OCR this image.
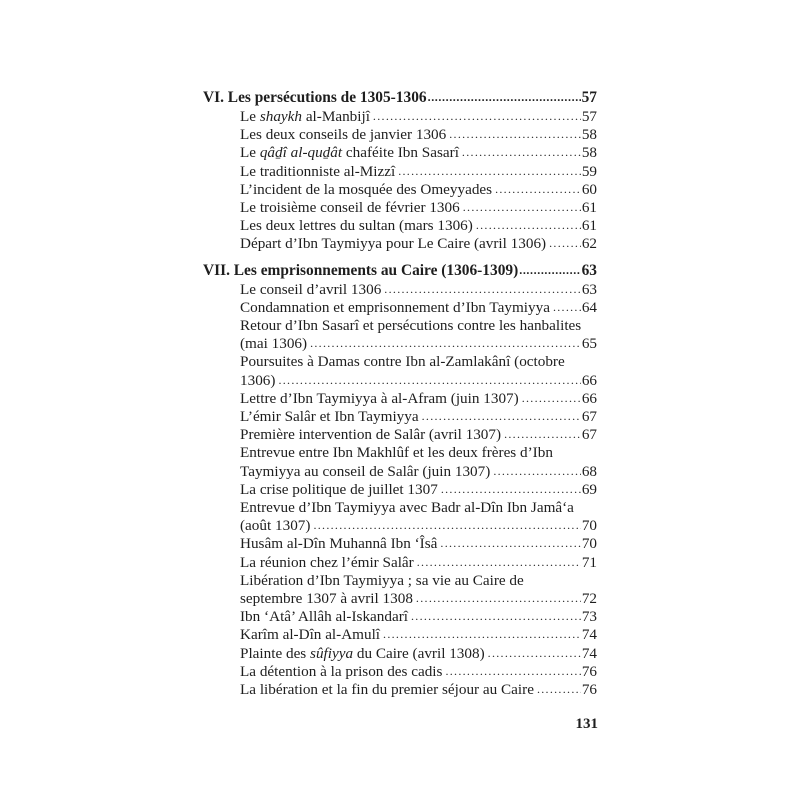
VI. Les persécutions de 1305-1306 .....	57
Le shaykh al-Manbijî .....	57
Les deux conseils de janvier 1306 .....	58
Le qâḏî al-quḏât chaféite Ibn Sasarî .....	58
Le traditionniste al-Mizzî .....	59
L’incident de la mosquée des Omeyyades .....	60
Le troisième conseil de février 1306 .....	61
Les deux lettres du sultan (mars 1306) .....	61
Départ d’Ibn Taymiyya pour Le Caire (avril 1306) ..... 62
VII. Les emprisonnements au Caire (1306-1309) .....	63
Le conseil d’avril 1306 .....	63
Condamnation et emprisonnement d’Ibn Taymiyya ..... 64
Retour d’Ibn Sasarî et persécutions contre les hanbalites
(mai 1306) .....	65
Poursuites à Damas contre Ibn al-Zamlakânî (octobre
1306) .....	66
Lettre d’Ibn Taymiyya à al-Afram (juin 1307) .....	66
L’émir Salâr et Ibn Taymiyya .....	67
Première intervention de Salâr (avril 1307) .....	67
Entrevue entre Ibn Makhlûf et les deux frères d’Ibn
Taymiyya au conseil de Salâr (juin 1307) .....	68
La crise politique de juillet 1307 .....	69
Entrevue d’Ibn Taymiyya avec Badr al-Dîn Ibn Jamâ‘a
(août 1307) .....	70
Husâm al-Dîn Muhannâ Ibn ‘Îsâ .....	70
La réunion chez l’émir Salâr .....	71
Libération d’Ibn Taymiyya ; sa vie au Caire de
septembre 1307 à avril 1308 .....	72
Ibn ‘Atâ’ Allâh al-Iskandarî .....	73
Karîm al-Dîn al-Amulî .....	74
Plainte des sûfiyya du Caire (avril 1308) .....	74
La détention à la prison des cadis .....	76
La libération et la fin du premier séjour au Caire .....	76
131
